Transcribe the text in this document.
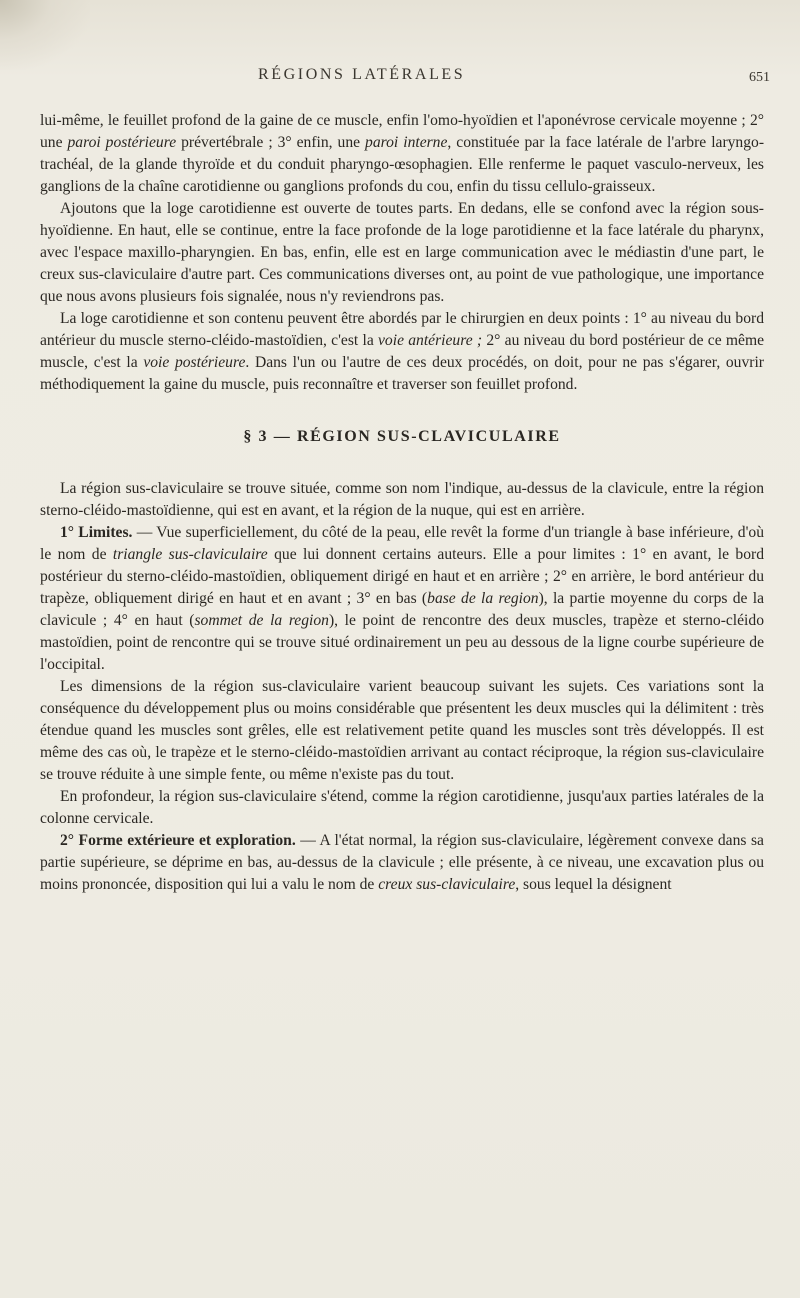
RÉGIONS LATÉRALES	651

lui-même, le feuillet profond de la gaine de ce muscle, enfin l'omo-hyoïdien et l'aponévrose cervicale moyenne ; 2° une paroi postérieure prévertébrale ; 3° enfin, une paroi interne, constituée par la face latérale de l'arbre laryngo-trachéal, de la glande thyroïde et du conduit pharyngo-œsophagien. Elle renferme le paquet vasculo-nerveux, les ganglions de la chaîne carotidienne ou ganglions profonds du cou, enfin du tissu cellulo-graisseux.

Ajoutons que la loge carotidienne est ouverte de toutes parts. En dedans, elle se confond avec la région sous-hyoïdienne. En haut, elle se continue, entre la face profonde de la loge parotidienne et la face latérale du pharynx, avec l'espace maxillo-pharyngien. En bas, enfin, elle est en large communication avec le médiastin d'une part, le creux sus-claviculaire d'autre part. Ces communications diverses ont, au point de vue pathologique, une importance que nous avons plusieurs fois signalée, nous n'y reviendrons pas.

La loge carotidienne et son contenu peuvent être abordés par le chirurgien en deux points : 1° au niveau du bord antérieur du muscle sterno-cléido-mastoïdien, c'est la voie antérieure ; 2° au niveau du bord postérieur de ce même muscle, c'est la voie postérieure. Dans l'un ou l'autre de ces deux procédés, on doit, pour ne pas s'égarer, ouvrir méthodiquement la gaine du muscle, puis reconnaître et traverser son feuillet profond.

§ 3 — RÉGION SUS-CLAVICULAIRE

La région sus-claviculaire se trouve située, comme son nom l'indique, au-dessus de la clavicule, entre la région sterno-cléido-mastoïdienne, qui est en avant, et la région de la nuque, qui est en arrière.

1° Limites. — Vue superficiellement, du côté de la peau, elle revêt la forme d'un triangle à base inférieure, d'où le nom de triangle sus-claviculaire que lui donnent certains auteurs. Elle a pour limites : 1° en avant, le bord postérieur du sterno-cléido-mastoïdien, obliquement dirigé en haut et en arrière ; 2° en arrière, le bord antérieur du trapèze, obliquement dirigé en haut et en avant ; 3° en bas (base de la region), la partie moyenne du corps de la clavicule ; 4° en haut (sommet de la region), le point de rencontre des deux muscles, trapèze et sterno-cléido mastoïdien, point de rencontre qui se trouve situé ordinairement un peu au dessous de la ligne courbe supérieure de l'occipital.

Les dimensions de la région sus-claviculaire varient beaucoup suivant les sujets. Ces variations sont la conséquence du développement plus ou moins considérable que présentent les deux muscles qui la délimitent : très étendue quand les muscles sont grêles, elle est relativement petite quand les muscles sont très développés. Il est même des cas où, le trapèze et le sterno-cléido-mastoïdien arrivant au contact réciproque, la région sus-claviculaire se trouve réduite à une simple fente, ou même n'existe pas du tout.

En profondeur, la région sus-claviculaire s'étend, comme la région carotidienne, jusqu'aux parties latérales de la colonne cervicale.

2° Forme extérieure et exploration. — A l'état normal, la région sus-claviculaire, légèrement convexe dans sa partie supérieure, se déprime en bas, au-dessus de la clavicule ; elle présente, à ce niveau, une excavation plus ou moins prononcée, disposition qui lui a valu le nom de creux sus-claviculaire, sous lequel la désignent
